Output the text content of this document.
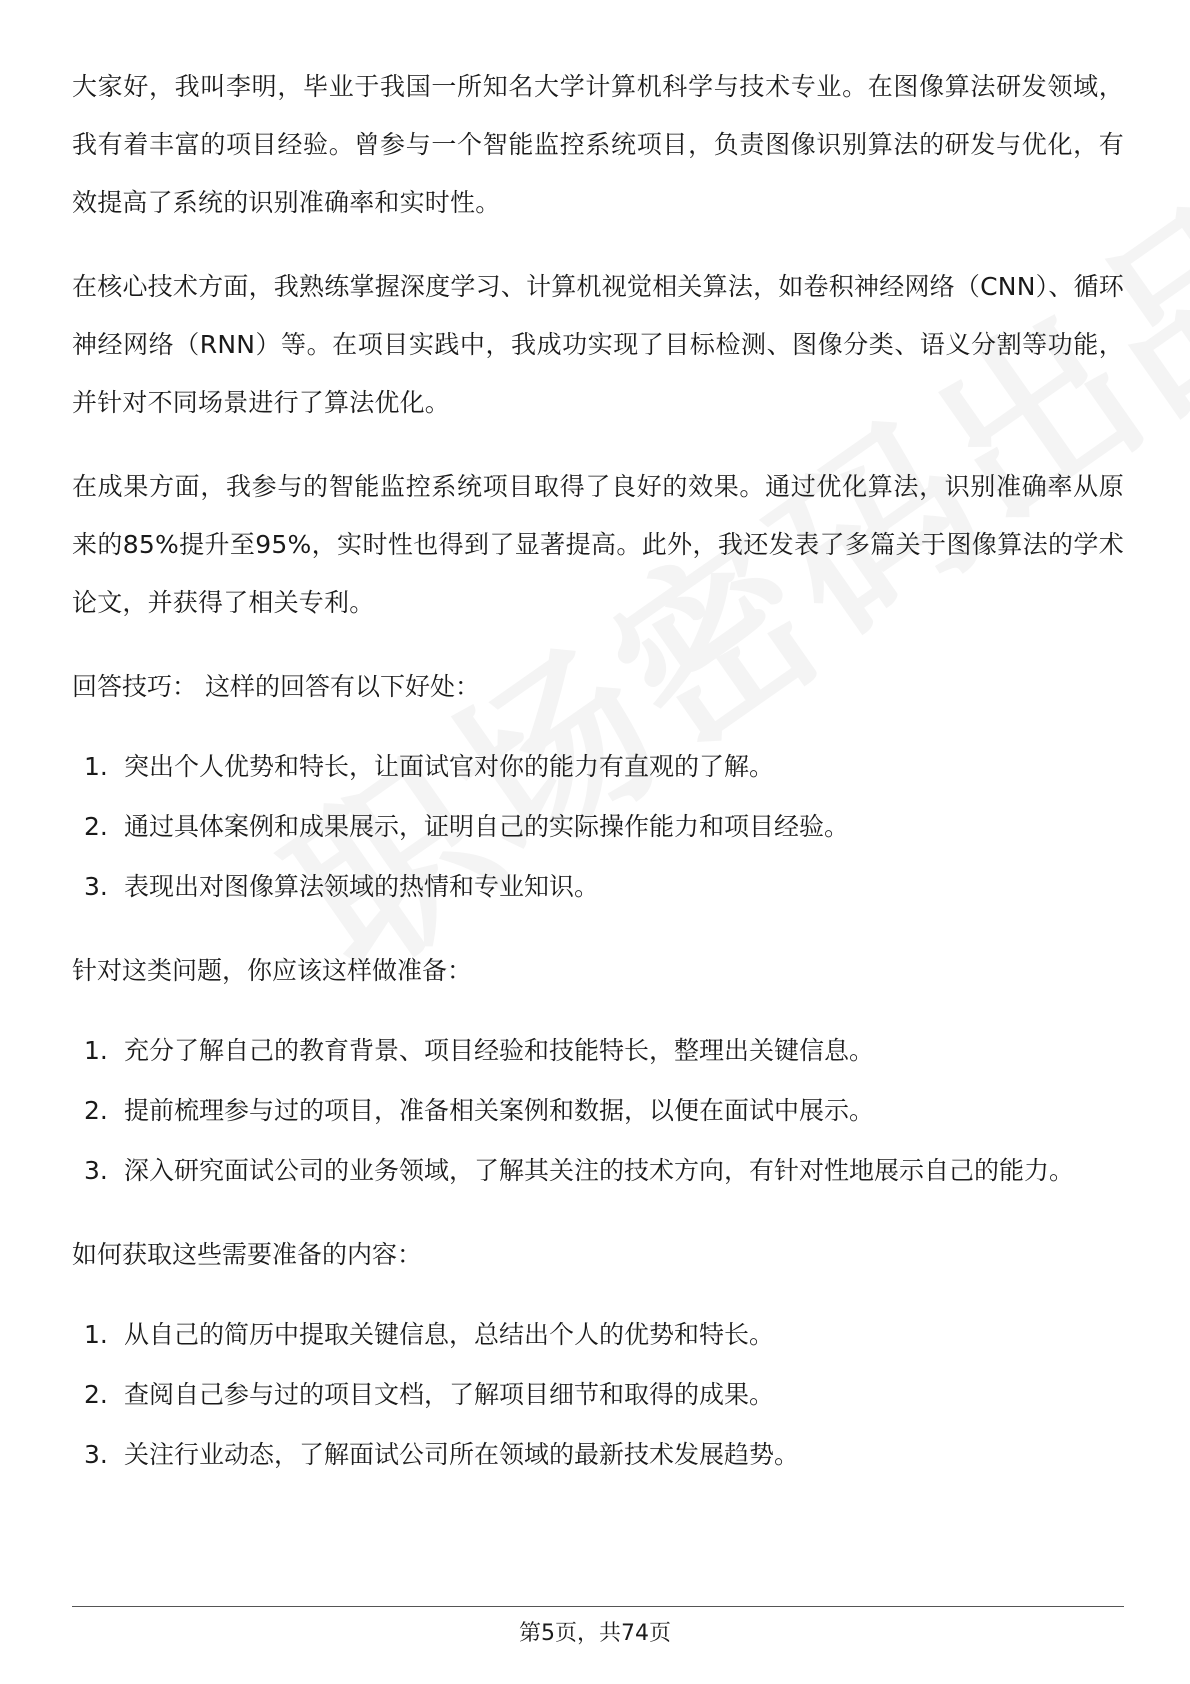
大家好，我叫李明，毕业于我国一所知名大学计算机科学与技术专业。在图像算法研发领域，我有着丰富的项目经验。曾参与一个智能监控系统项目，负责图像识别算法的研发与优化，有效提高了系统的识别准确率和实时性。

在核心技术方面，我熟练掌握深度学习、计算机视觉相关算法，如卷积神经网络（CNN）、循环神经网络（RNN）等。在项目实践中，我成功实现了目标检测、图像分类、语义分割等功能，并针对不同场景进行了算法优化。

在成果方面，我参与的智能监控系统项目取得了良好的效果。通过优化算法，识别准确率从原来的85%提升至95%，实时性也得到了显著提高。此外，我还发表了多篇关于图像算法的学术论文，并获得了相关专利。

回答技巧： 这样的回答有以下好处：
1. 突出个人优势和特长，让面试官对你的能力有直观的了解。
2. 通过具体案例和成果展示，证明自己的实际操作能力和项目经验。
3. 表现出对图像算法领域的热情和专业知识。
针对这类问题，你应该这样做准备：
1. 充分了解自己的教育背景、项目经验和技能特长，整理出关键信息。
2. 提前梳理参与过的项目，准备相关案例和数据，以便在面试中展示。
3. 深入研究面试公司的业务领域，了解其关注的技术方向，有针对性地展示自己的能力。
如何获取这些需要准备的内容：
1. 从自己的简历中提取关键信息，总结出个人的优势和特长。
2. 查阅自己参与过的项目文档，了解项目细节和取得的成果。
3. 关注行业动态，了解面试公司所在领域的最新技术发展趋势。
第5页，共74页
